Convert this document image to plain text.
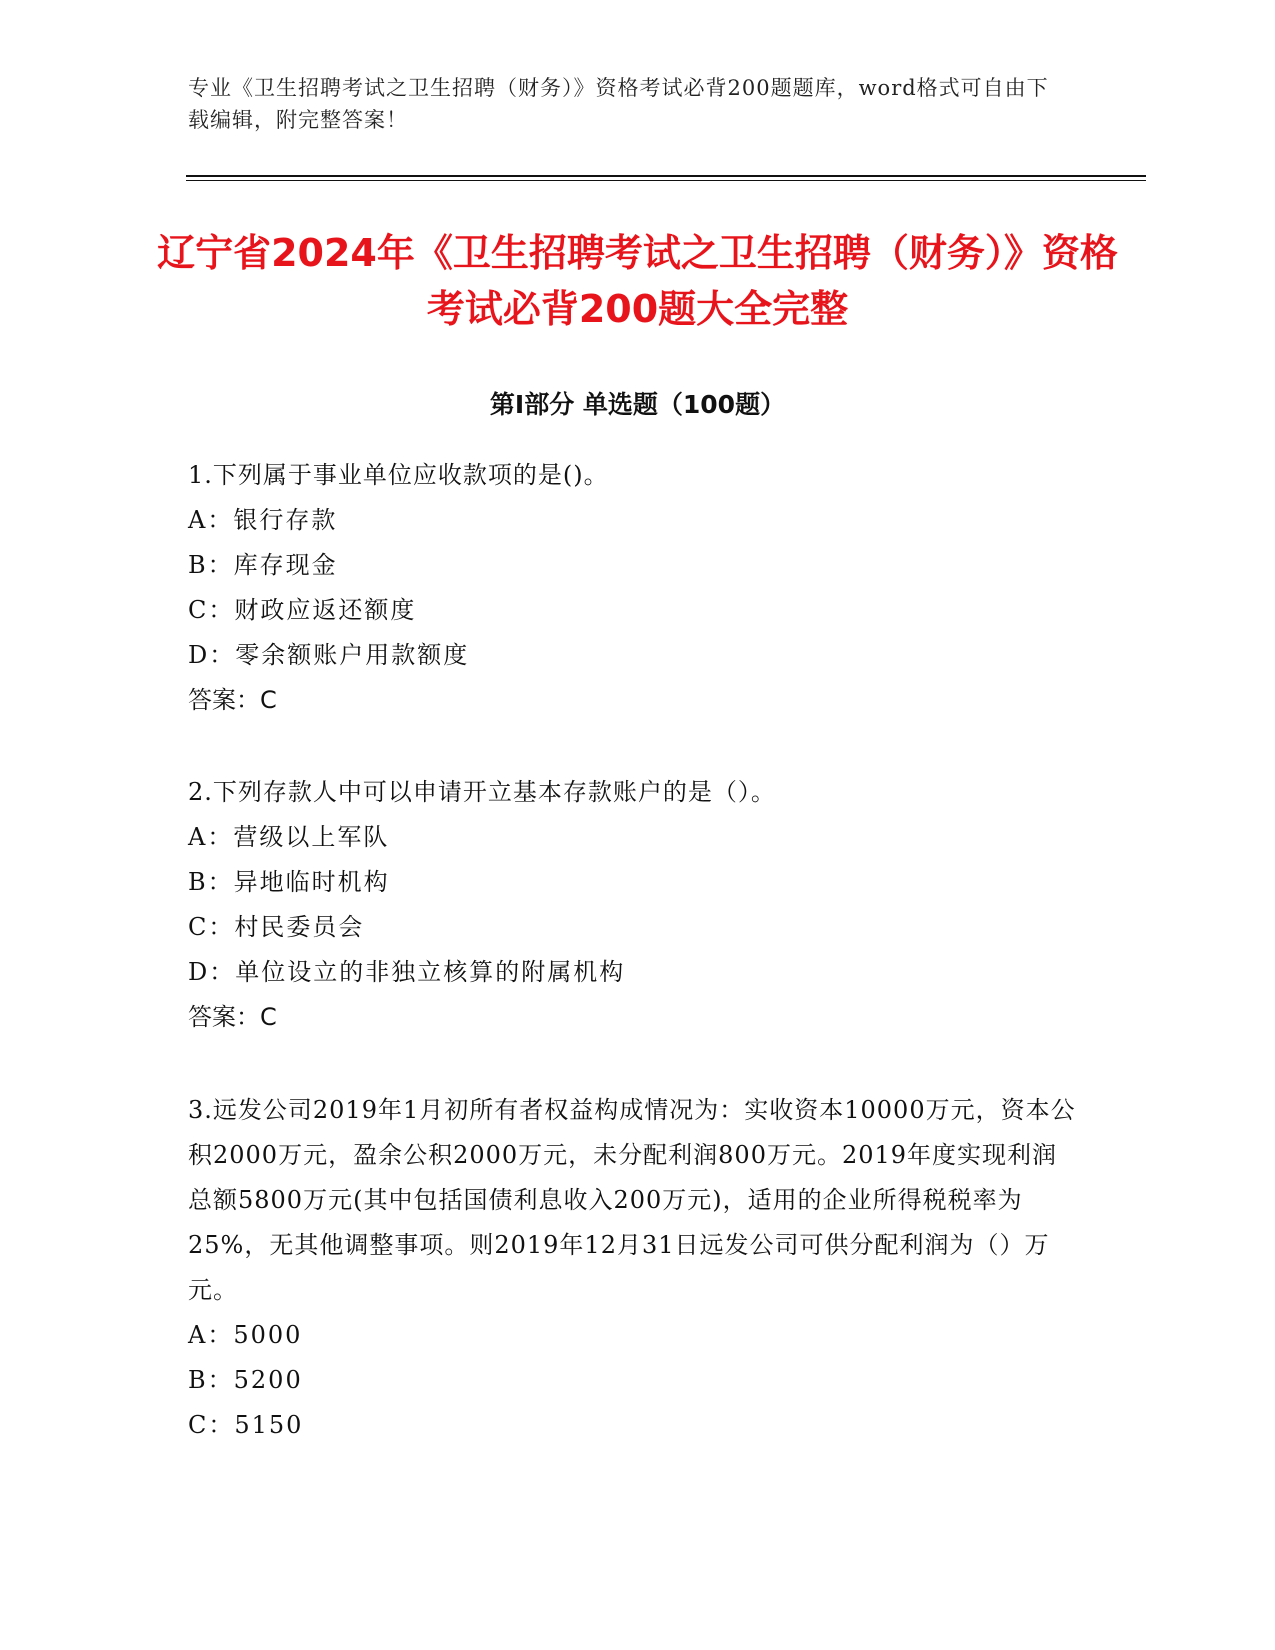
专业《卫生招聘考试之卫生招聘（财务）》资格考试必背200题题库，word格式可自由下载编辑，附完整答案！
辽宁省2024年《卫生招聘考试之卫生招聘（财务）》资格考试必背200题大全完整
第Ⅰ部分 单选题（100题）
1.下列属于事业单位应收款项的是()。
A：银行存款
B：库存现金
C：财政应返还额度
D：零余额账户用款额度
答案：C
2.下列存款人中可以申请开立基本存款账户的是（）。
A：营级以上军队
B：异地临时机构
C：村民委员会
D：单位设立的非独立核算的附属机构
答案：C
3.远发公司2019年1月初所有者权益构成情况为：实收资本10000万元，资本公积2000万元，盈余公积2000万元，未分配利润800万元。2019年度实现利润总额5800万元(其中包括国债利息收入200万元)，适用的企业所得税税率为25%，无其他调整事项。则2019年12月31日远发公司可供分配利润为（）万元。
A：5000
B：5200
C：5150
